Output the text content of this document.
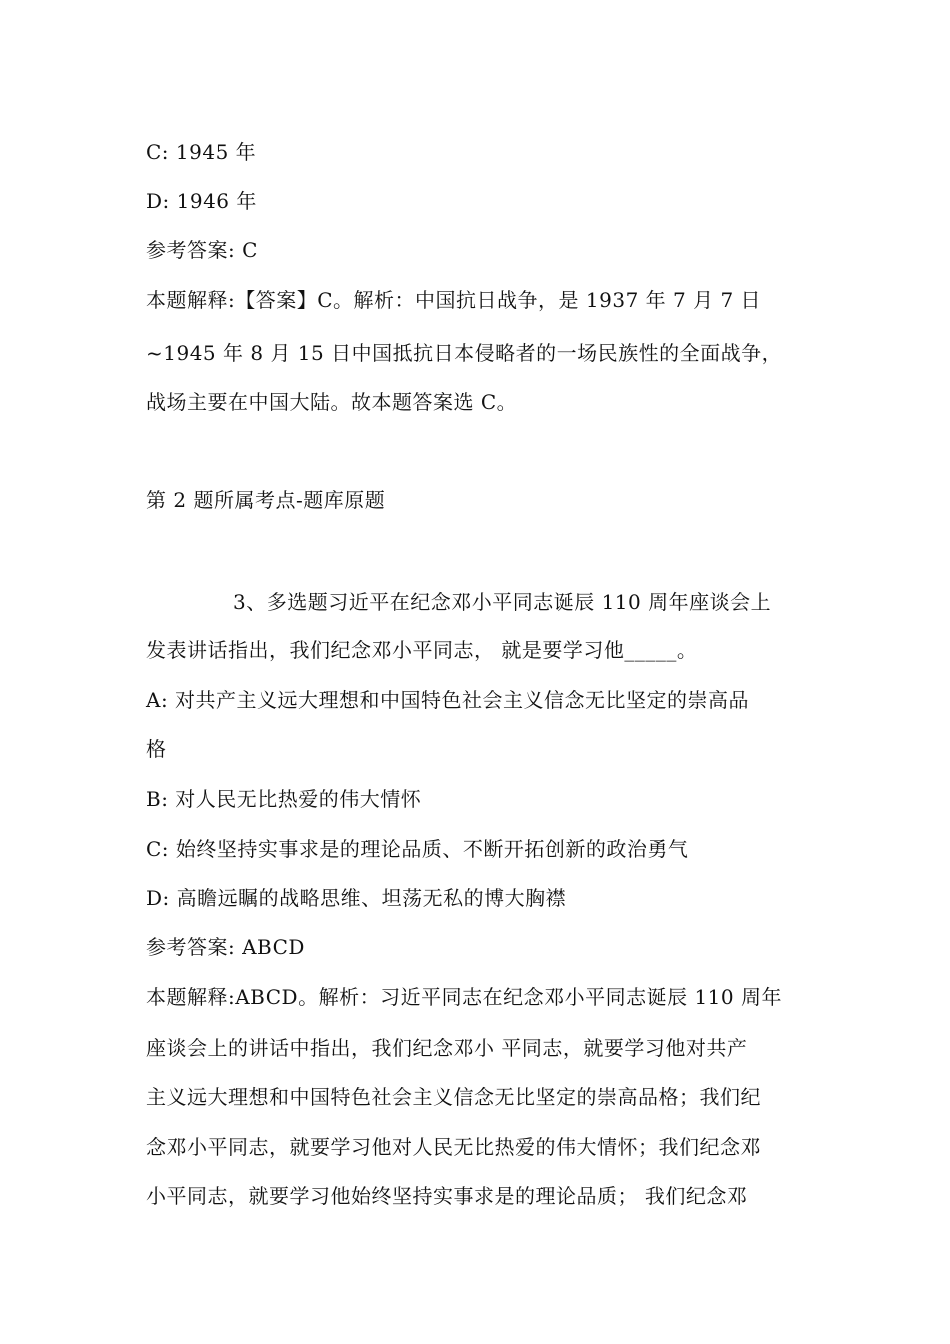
C: 1945 年
D: 1946 年
参考答案: C
本题解释:【答案】C。解析：中国抗日战争，是 1937 年 7 月 7 日
~1945 年 8 月 15 日中国抵抗日本侵略者的一场民族性的全面战争，
战场主要在中国大陆。故本题答案选 C。
第 2 题所属考点-题库原题
3、多选题习近平在纪念邓小平同志诞辰 110 周年座谈会上
发表讲话指出，我们纪念邓小平同志， 就是要学习他_____。
A: 对共产主义远大理想和中国特色社会主义信念无比坚定的崇高品
格
B: 对人民无比热爱的伟大情怀
C: 始终坚持实事求是的理论品质、不断开拓创新的政治勇气
D: 高瞻远瞩的战略思维、坦荡无私的博大胸襟
参考答案: ABCD
本题解释:ABCD。解析：习近平同志在纪念邓小平同志诞辰 110 周年
座谈会上的讲话中指出，我们纪念邓小 平同志，就要学习他对共产
主义远大理想和中国特色社会主义信念无比坚定的崇高品格；我们纪
念邓小平同志，就要学习他对人民无比热爱的伟大情怀；我们纪念邓
小平同志，就要学习他始终坚持实事求是的理论品质； 我们纪念邓
